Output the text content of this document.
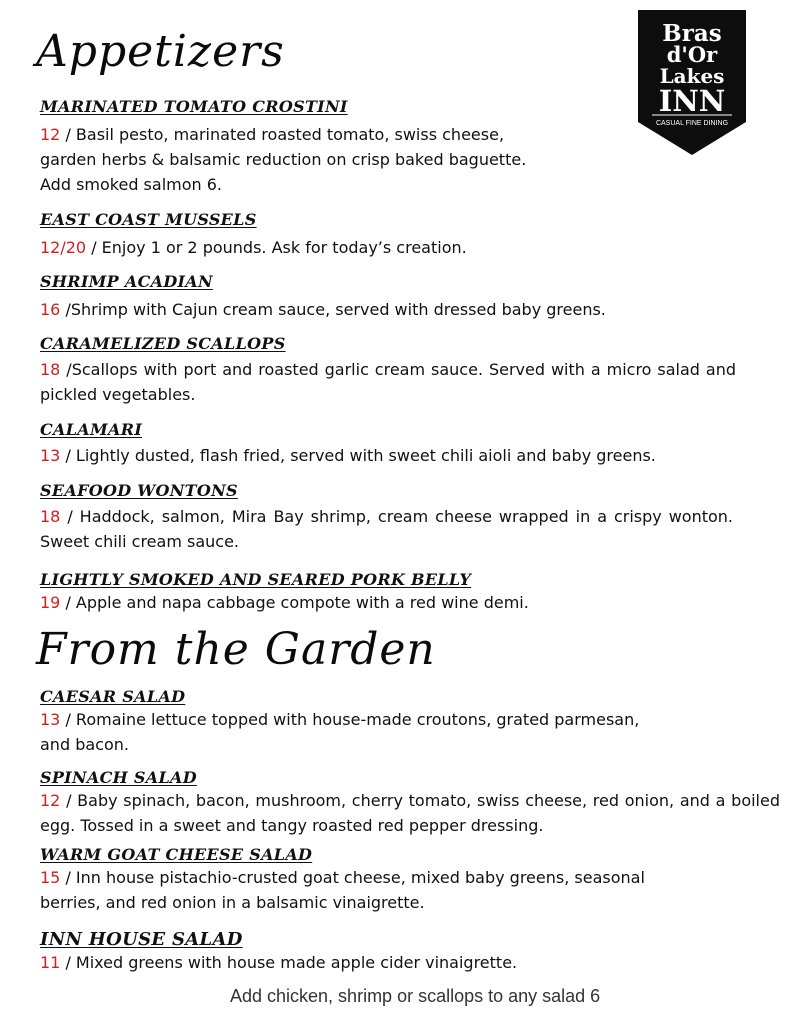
Bras
d'Or
Lakes
INN
CASUAL FINE DINING
Appetizers
MARINATED TOMATO CROSTINI
12 / Basil pesto, marinated roasted tomato, swiss cheese,
garden herbs & balsamic reduction on crisp baked baguette.
Add smoked salmon 6.
EAST COAST MUSSELS
12/20 / Enjoy 1 or 2 pounds. Ask for today’s creation.
SHRIMP ACADIAN
16 /Shrimp with Cajun cream sauce, served with dressed baby greens.
CARAMELIZED SCALLOPS
18 /Scallops with port and roasted garlic cream sauce. Served with a micro salad and pickled vegetables.
CALAMARI
13 / Lightly dusted, flash fried, served with sweet chili aioli and baby greens.
SEAFOOD WONTONS
18 / Haddock, salmon, Mira Bay shrimp, cream cheese wrapped in a crispy wonton. Sweet chili cream sauce.
LIGHTLY SMOKED AND SEARED PORK BELLY
19 / Apple and napa cabbage compote with a red wine demi.
From the Garden
CAESAR SALAD
13 / Romaine lettuce topped with house-made croutons, grated parmesan,
and bacon.
SPINACH SALAD
12 / Baby spinach, bacon, mushroom, cherry tomato, swiss cheese, red onion, and a boiled egg. Tossed in a sweet and tangy roasted red pepper dressing.
WARM GOAT CHEESE SALAD
15 / Inn house pistachio-crusted goat cheese, mixed baby greens, seasonal
berries, and red onion in a balsamic vinaigrette.
INN HOUSE SALAD
11 / Mixed greens with house made apple cider vinaigrette.
Add chicken, shrimp or scallops to any salad 6
